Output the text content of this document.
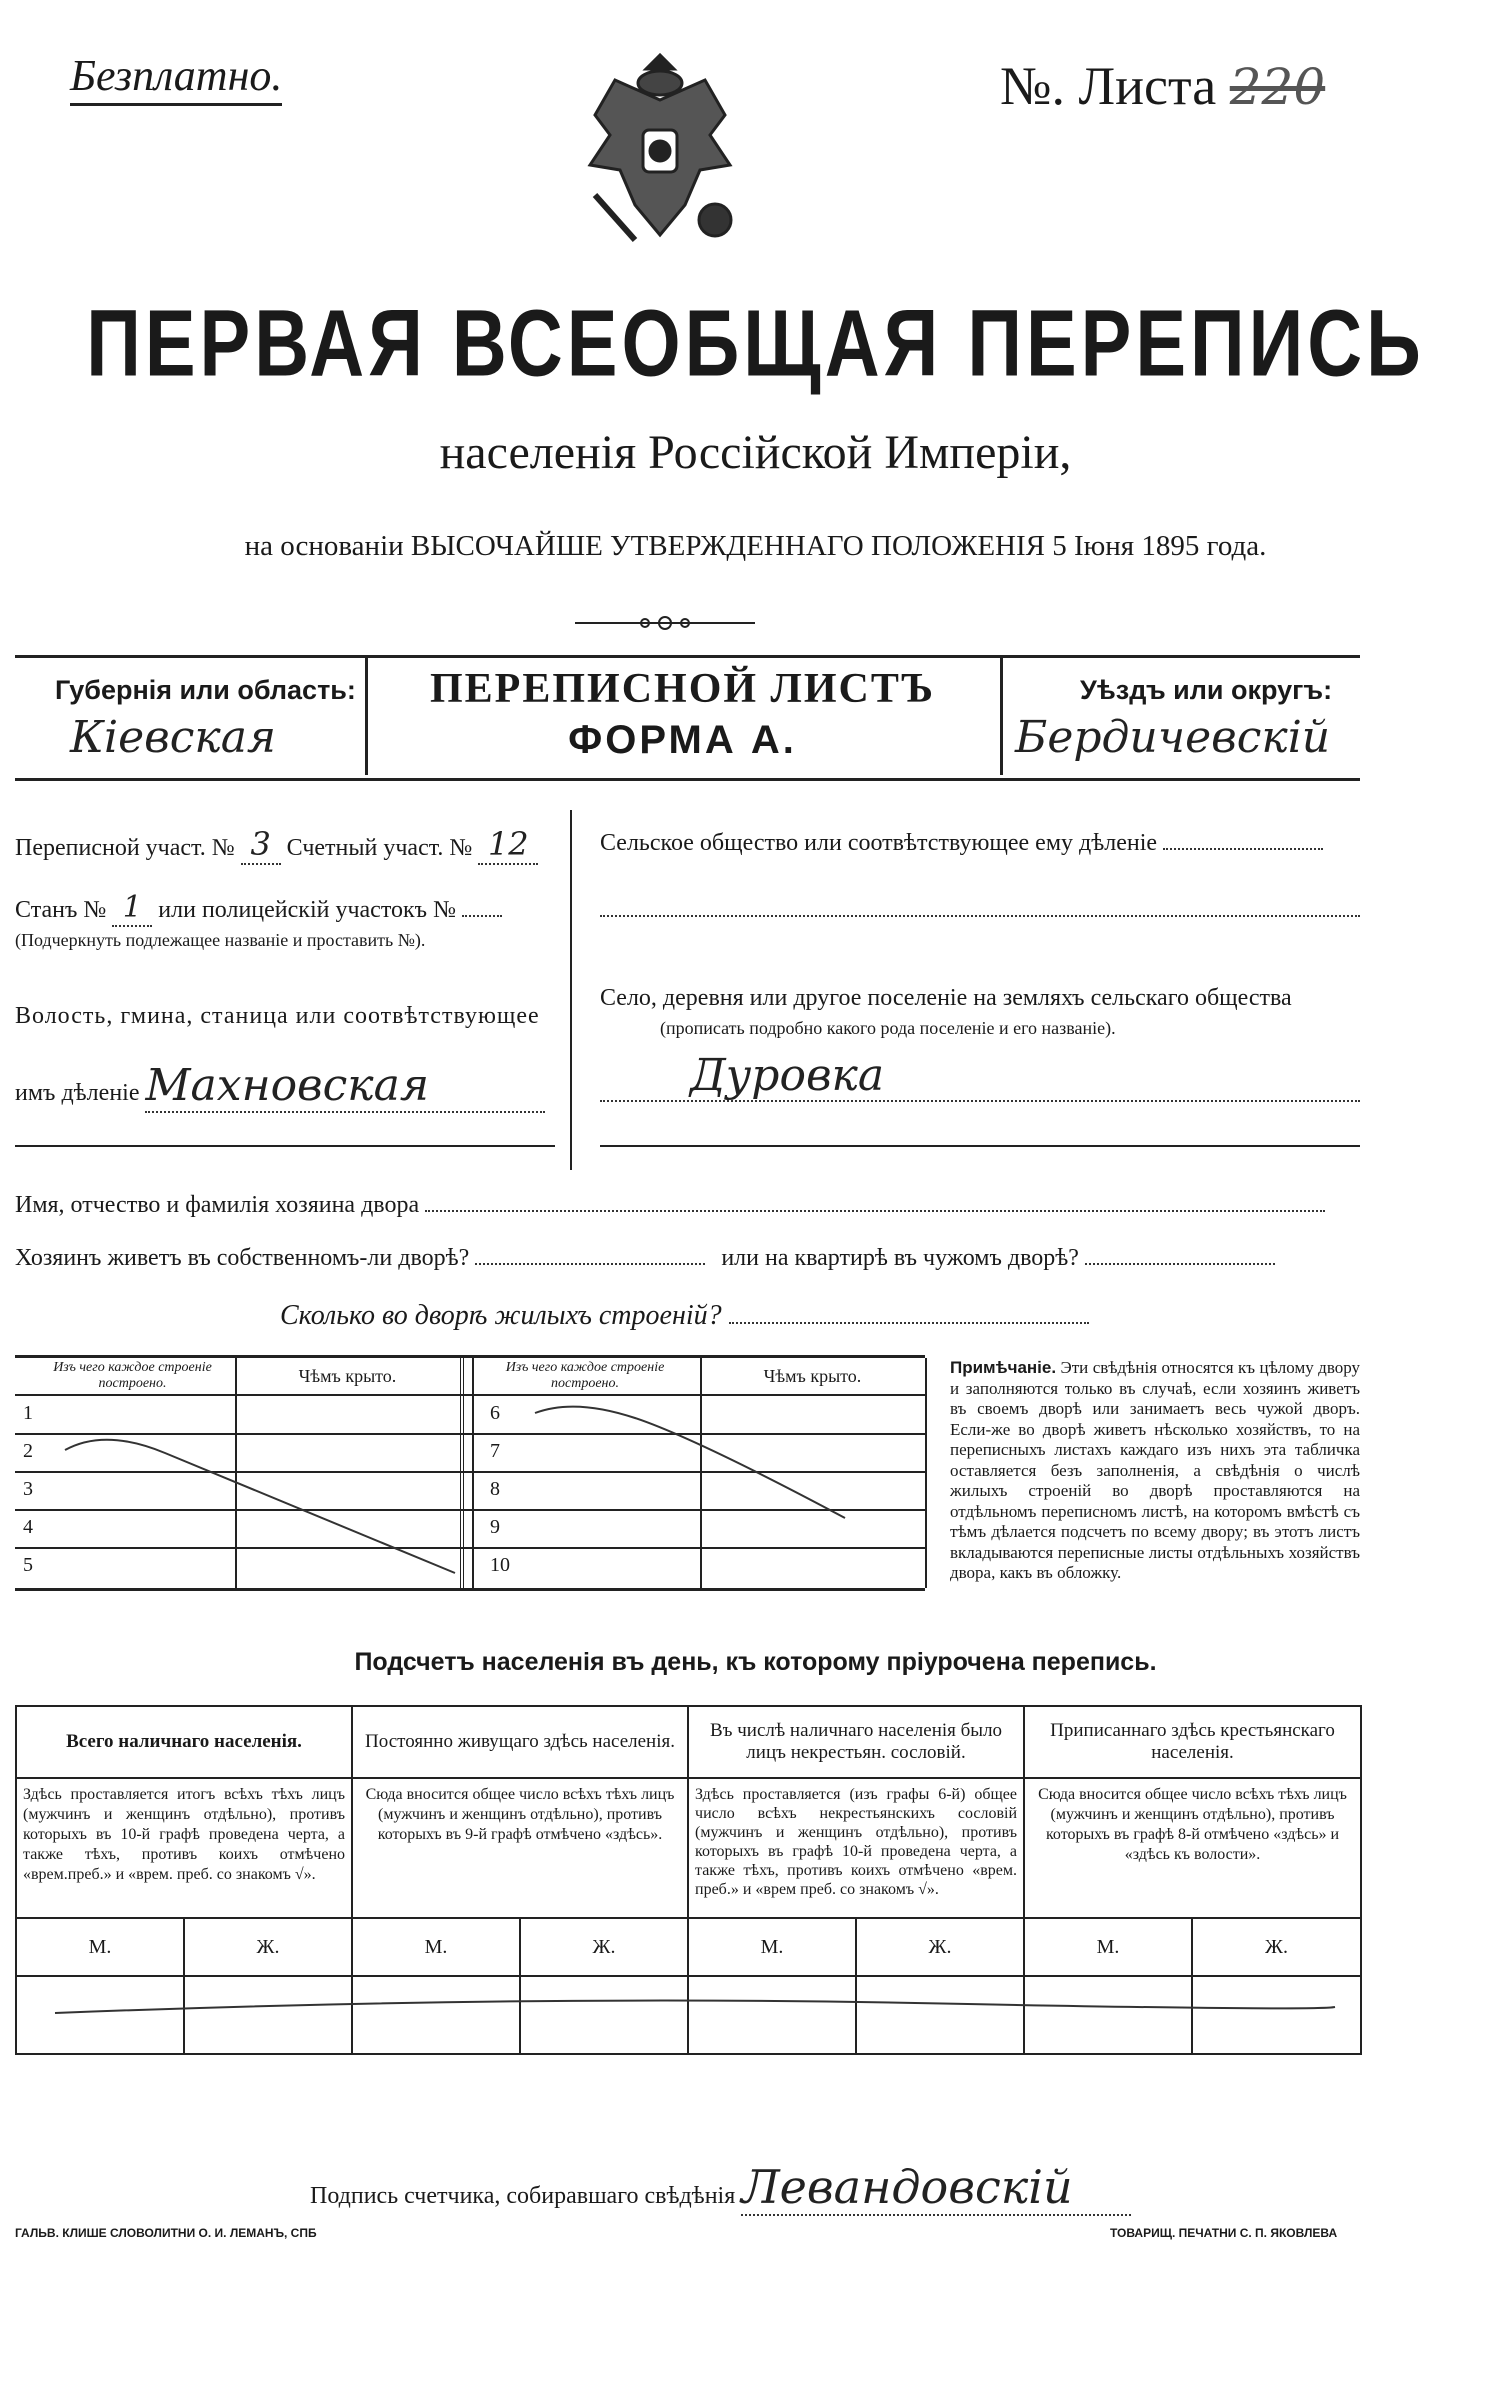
Безплатно.	№. Листа 220
ПЕРВАЯ ВСЕОБЩАЯ ПЕРЕПИСЬ
населенія Россійской Имперіи,
на основаніи ВЫСОЧАЙШЕ УТВЕРЖДЕННАГО ПОЛОЖЕНІЯ 5 Іюня 1895 года.
Губернія или область:
Кіевская
ПЕРЕПИСНОЙ ЛИСТЪ
ФОРМА А.
Уѣздъ или округъ:
Бердичевскій
Переписной участ. № 3 Счетный участ. № 12
Станъ № 1 или полицейскій участокъ №
(Подчеркнуть подлежащее названіе и проставить №).
Волость, гмина, станица или соотвѣтствующее
имъ дѣленіе Махновская
Сельское общество или соотвѣтствующее ему дѣленіе
Село, деревня или другое поселеніе на земляхъ сельскаго общества
(прописать подробно какого рода поселеніе и его названіе).
Дуровка
Имя, отчество и фамилія хозяина двора
Хозяинъ живетъ въ собственномъ-ли дворѣ?	или на квартирѣ въ чужомъ дворѣ?
Сколько во дворѣ жилыхъ строеній?
Изъ чего каждое строеніе построено.	Чѣмъ крыто.	Изъ чего каждое строеніе построено.	Чѣмъ крыто.
1
2
3
4
5
6
7
8
9
10
Примѣчаніе. Эти свѣдѣнія относятся къ цѣлому двору и заполняются только въ случаѣ, если хозяинъ живетъ въ своемъ дворѣ или занимаетъ весь чужой дворъ. Если-же во дворѣ живетъ нѣсколько хозяйствъ, то на переписныхъ листахъ каждаго изъ нихъ эта табличка оставляется безъ заполненія, а свѣдѣнія о числѣ жилыхъ строеній во дворѣ проставляются на отдѣльномъ переписномъ листѣ, на которомъ вмѣстѣ съ тѣмъ дѣлается подсчетъ по всему двору; въ этотъ листъ вкладываются переписные листы отдѣльныхъ хозяйствъ двора, какъ въ обложку.
Подсчетъ населенія въ день, къ которому пріурочена перепись.
Всего наличнаго населенія.		Постоянно живущаго здѣсь населенія.		Въ числѣ наличнаго населенія было лицъ некрестьян. сословій.		Приписаннаго здѣсь крестьянскаго населенія.	
Здѣсь проставляется итогъ всѣхъ тѣхъ лицъ (мужчинъ и женщинъ отдѣльно), противъ которыхъ въ 10-й графѣ проведена черта, а также тѣхъ, противъ коихъ отмѣчено «врем.преб.» и «врем. преб. со знакомъ √».		Сюда вносится общее число всѣхъ тѣхъ лицъ (мужчинъ и женщинъ отдѣльно), противъ которыхъ въ 9-й графѣ отмѣчено «здѣсь».		Здѣсь проставляется (изъ графы 6-й) общее число всѣхъ некрестьянскихъ сословій (мужчинъ и женщинъ отдѣльно), противъ которыхъ въ графѣ 10-й проведена черта, а также тѣхъ, противъ коихъ отмѣчено «врем. преб.» и «врем преб. со знакомъ √».		Сюда вносится общее число всѣхъ тѣхъ лицъ (мужчинъ и женщинъ отдѣльно), противъ которыхъ въ графѣ 8-й отмѣчено «здѣсь» и «здѣсь къ волости».	
М.	Ж.	М.	Ж.	М.	Ж.	М.	Ж.

Подпись счетчика, собиравшаго свѣдѣнія Левандовскій
ГАЛЬВ. КЛИШЕ СЛОВОЛИТНИ О. И. ЛЕМАНЪ, СПБ	ТОВАРИЩ. ПЕЧАТНИ С. П. ЯКОВЛЕВА
